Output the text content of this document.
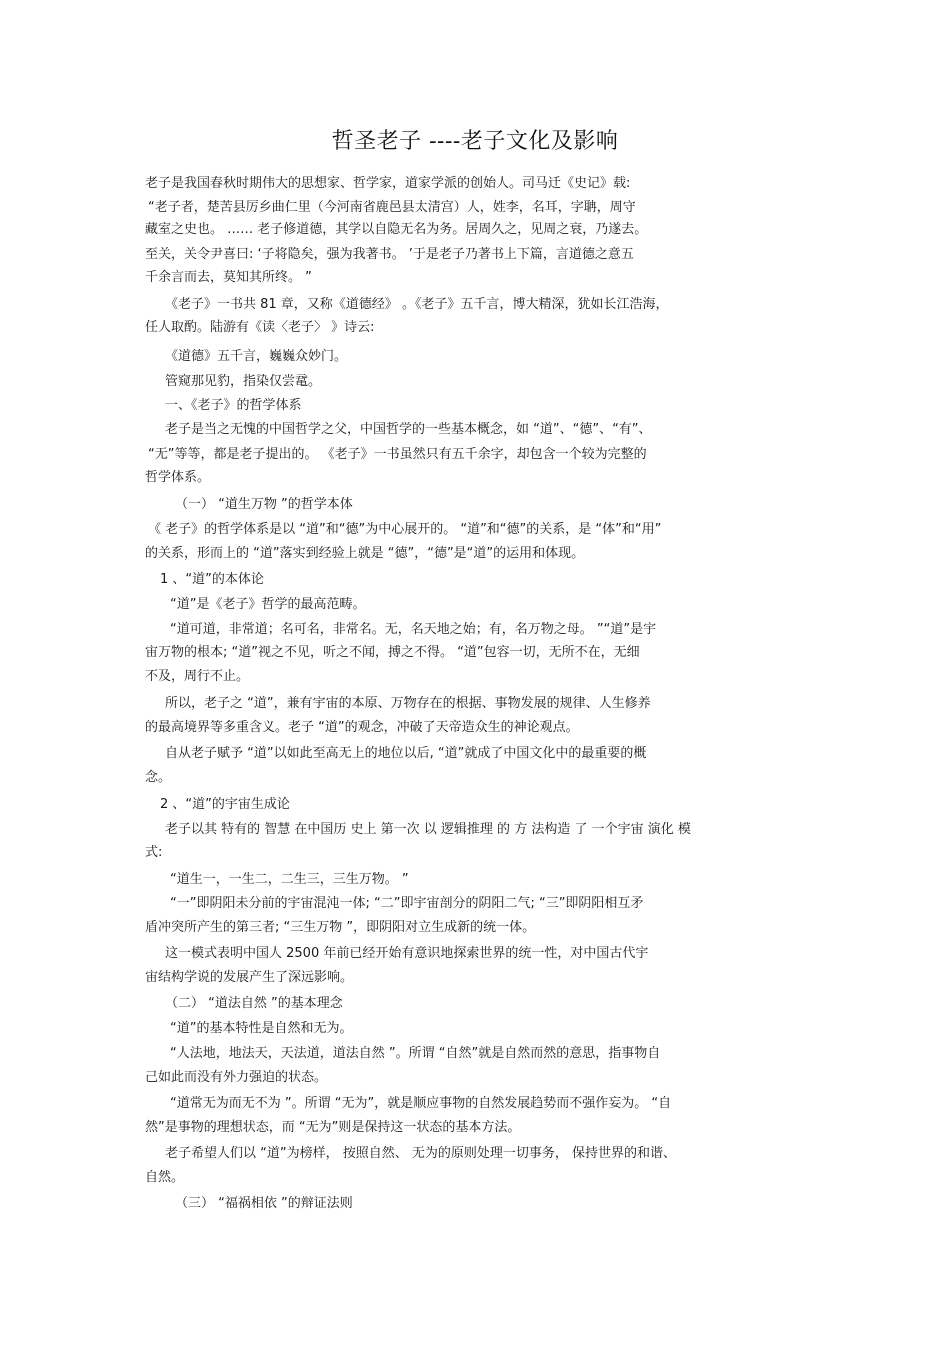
哲圣老子 ----老子文化及影响
老子是我国春秋时期伟大的思想家、哲学家，道家学派的创始人。司马迁《史记》载:
“老子者，楚苦县厉乡曲仁里（今河南省鹿邑县太清宫）人，姓李，名耳，字聃，周守
藏室之史也。 …… 老子修道德，其学以自隐无名为务。居周久之，见周之衰，乃遂去。
至关，关令尹喜曰: ‘子将隐矣，强为我著书。 ’于是老子乃著书上下篇，言道德之意五
千余言而去，莫知其所终。 ”
《老子》一书共 81 章，又称《道德经》 。《老子》五千言，博大精深，犹如长江浩海，
任人取酌。陆游有《读〈老子〉 》诗云:
《道德》五千言，巍巍众妙门。
管窥那见豹，指染仅尝鼋。
一、《老子》的哲学体系
老子是当之无愧的中国哲学之父，中国哲学的一些基本概念，如 “道”、“德”、“有”、
“无”等等，都是老子提出的。 《老子》一书虽然只有五千余字，却包含一个较为完整的
哲学体系。
（一） “道生万物 ”的哲学本体
《 老子》的哲学体系是以 “道”和“德”为中心展开的。 “道”和“德”的关系，是 “体”和“用”
的关系，形而上的 “道”落实到经验上就是 “德”，“德”是“道”的运用和体现。
1 、“道”的本体论
“道”是《老子》哲学的最高范畴。
“道可道，非常道；名可名，非常名。无，名天地之始；有，名万物之母。 ”“道”是宇
宙万物的根本; “道”视之不见，听之不闻，搏之不得。 “道”包容一切，无所不在，无细
不及，周行不止。
所以，老子之 “道”，兼有宇宙的本原、万物存在的根据、事物发展的规律、人生修养
的最高境界等多重含义。老子 “道”的观念，冲破了天帝造众生的神论观点。
自从老子赋予 “道”以如此至高无上的地位以后, “道”就成了中国文化中的最重要的概
念。
2 、“道”的宇宙生成论
老子以其 特有的 智慧 在中国历 史上 第一次 以 逻辑推理 的 方 法构造 了 一个宇宙 演化 模
式:
“道生一，一生二，二生三，三生万物。 ”
“一”即阴阳未分前的宇宙混沌一体; “二”即宇宙剖分的阴阳二气; “三”即阴阳相互矛
盾冲突所产生的第三者; “三生万物 ”，即阴阳对立生成新的统一体。
这一模式表明中国人 2500 年前已经开始有意识地探索世界的统一性，对中国古代宇
宙结构学说的发展产生了深远影响。
（二） “道法自然 ”的基本理念
“道”的基本特性是自然和无为。
“人法地，地法天，天法道，道法自然 ”。所谓 “自然”就是自然而然的意思，指事物自
己如此而没有外力强迫的状态。
“道常无为而无不为 ”。所谓 “无为”，就是顺应事物的自然发展趋势而不强作妄为。 “自
然”是事物的理想状态，而 “无为”则是保持这一状态的基本方法。
老子希望人们以 “道”为榜样， 按照自然、 无为的原则处理一切事务， 保持世界的和谐、
自然。
（三） “福祸相依 ”的辩证法则
